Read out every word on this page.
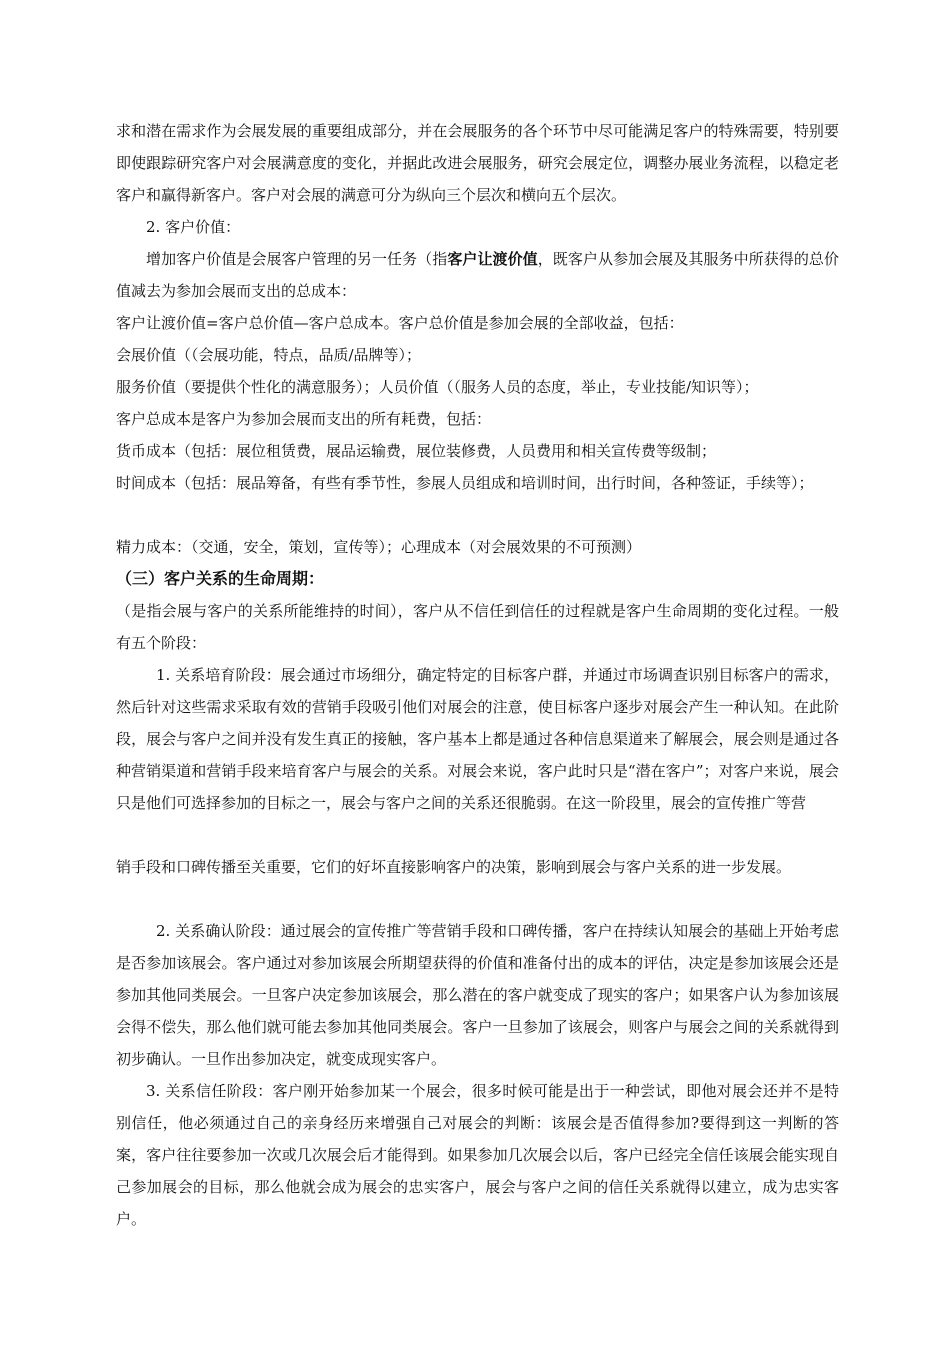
求和潜在需求作为会展发展的重要组成部分，并在会展服务的各个环节中尽可能满足客户的特殊需要，特别要即使跟踪研究客户对会展满意度的变化，并据此改进会展服务，研究会展定位，调整办展业务流程，以稳定老客户和赢得新客户。客户对会展的满意可分为纵向三个层次和横向五个层次。

2. 客户价值：

增加客户价值是会展客户管理的另一任务（指客户让渡价值，既客户从参加会展及其服务中所获得的总价值减去为参加会展而支出的总成本：

客户让渡价值=客户总价值—客户总成本。客户总价值是参加会展的全部收益，包括：

会展价值（（会展功能，特点，品质/品牌等）；

服务价值（要提供个性化的满意服务）；人员价值（（服务人员的态度，举止，专业技能/知识等）；

客户总成本是客户为参加会展而支出的所有耗费，包括：

货币成本（包括：展位租赁费，展品运输费，展位装修费，人员费用和相关宣传费等级制；

时间成本（包括：展品筹备，有些有季节性，参展人员组成和培训时间，出行时间，各种签证，手续等）；

精力成本：（交通，安全，策划，宣传等）；心理成本（对会展效果的不可预测）

（三）客户关系的生命周期：

（是指会展与客户的关系所能维持的时间），客户从不信任到信任的过程就是客户生命周期的变化过程。一般有五个阶段：

1. 关系培育阶段：展会通过市场细分，确定特定的目标客户群，并通过市场调查识别目标客户的需求，然后针对这些需求采取有效的营销手段吸引他们对展会的注意，使目标客户逐步对展会产生一种认知。在此阶段，展会与客户之间并没有发生真正的接触，客户基本上都是通过各种信息渠道来了解展会，展会则是通过各种营销渠道和营销手段来培育客户与展会的关系。对展会来说，客户此时只是“潜在客户”；对客户来说，展会只是他们可选择参加的目标之一，展会与客户之间的关系还很脆弱。在这一阶段里，展会的宣传推广等营

销手段和口碑传播至关重要，它们的好坏直接影响客户的决策，影响到展会与客户关系的进一步发展。

2. 关系确认阶段：通过展会的宣传推广等营销手段和口碑传播，客户在持续认知展会的基础上开始考虑是否参加该展会。客户通过对参加该展会所期望获得的价值和准备付出的成本的评估，决定是参加该展会还是参加其他同类展会。一旦客户决定参加该展会，那么潜在的客户就变成了现实的客户；如果客户认为参加该展会得不偿失，那么他们就可能去参加其他同类展会。客户一旦参加了该展会，则客户与展会之间的关系就得到初步确认。一旦作出参加决定，就变成现实客户。

3. 关系信任阶段：客户刚开始参加某一个展会，很多时候可能是出于一种尝试，即他对展会还并不是特别信任，他必须通过自己的亲身经历来增强自己对展会的判断：该展会是否值得参加?要得到这一判断的答案，客户往往要参加一次或几次展会后才能得到。如果参加几次展会以后，客户已经完全信任该展会能实现自己参加展会的目标，那么他就会成为展会的忠实客户，展会与客户之间的信任关系就得以建立，成为忠实客户。
